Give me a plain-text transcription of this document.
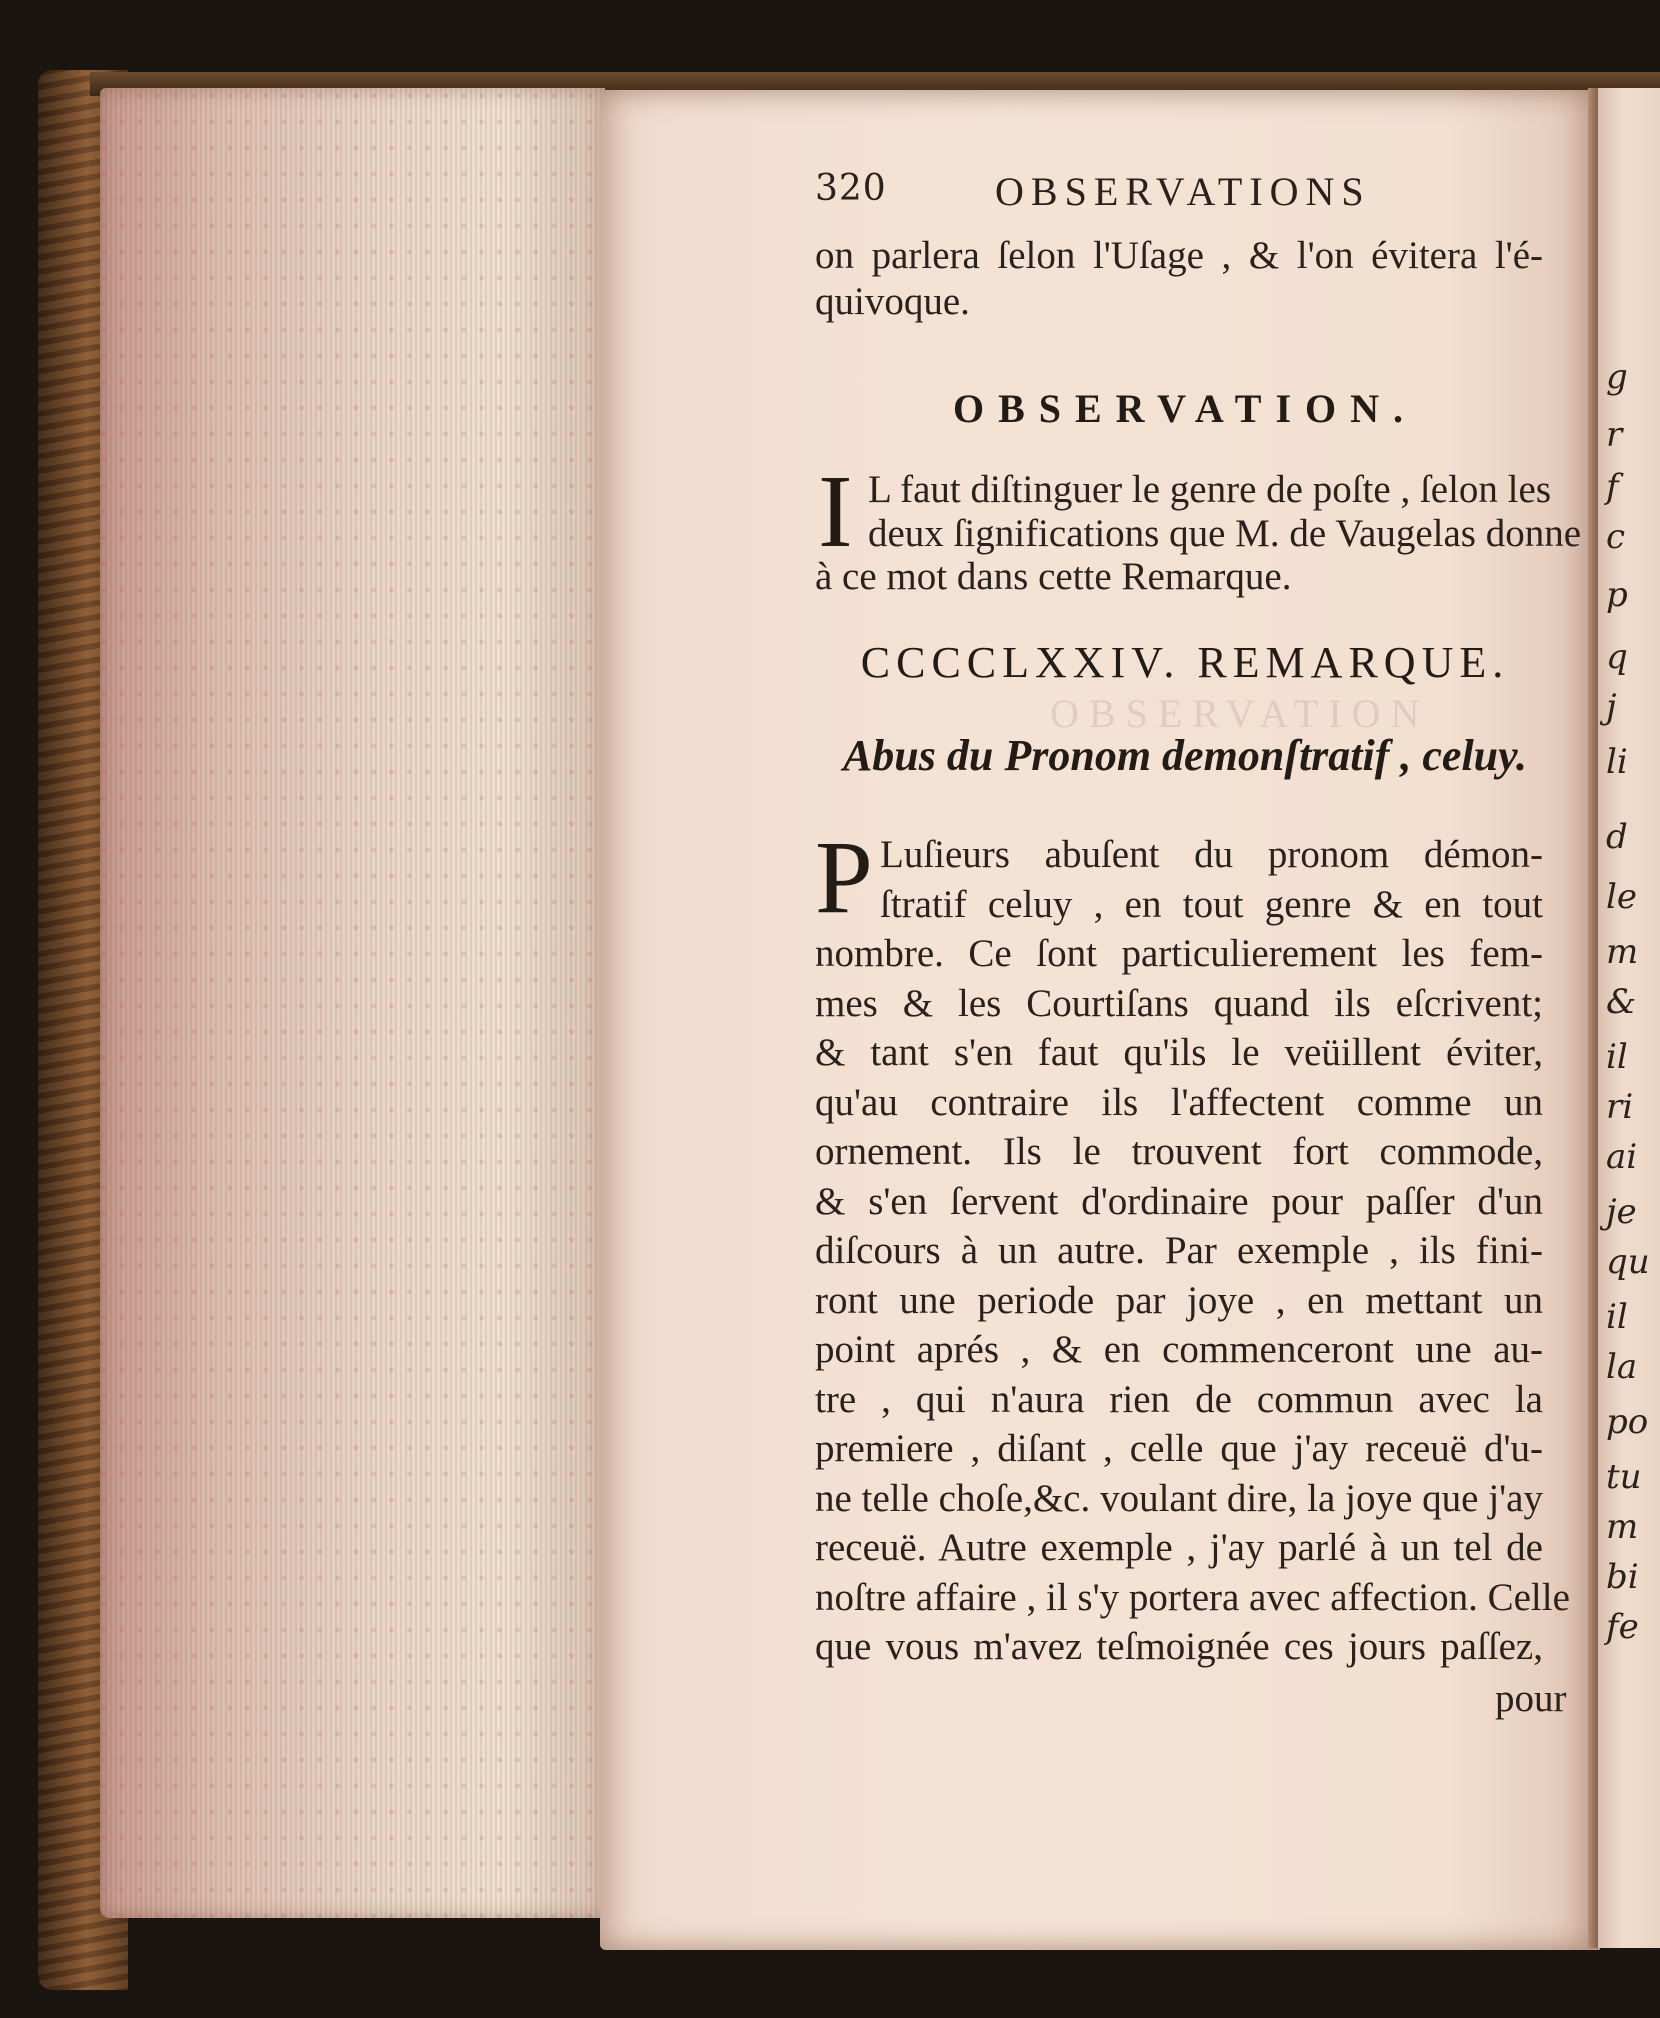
OBSERVATION
320	OBSERVATIONS
on parlera ſelon l'Uſage , & l'on évitera l'é-
quivoque.
OBSERVATION.
I L faut diſtinguer le genre de poſte , ſelon les
deux ſignifications que M. de Vaugelas donne
à ce mot dans cette Remarque.
CCCCLXXIV. REMARQUE.
Abus du Pronom demonſtratif , celuy.
P Luſieurs abuſent du pronom démon-
ſtratif celuy , en tout genre & en tout
nombre. Ce ſont particulierement les fem-
mes & les Courtiſans quand ils eſcrivent;
& tant s'en faut qu'ils le veüillent éviter,
qu'au contraire ils l'affectent comme un
ornement. Ils le trouvent fort commode,
& s'en ſervent d'ordinaire pour paſſer d'un
diſcours à un autre. Par exemple , ils fini-
ront une periode par joye , en mettant un
point aprés , & en commenceront une au-
tre , qui n'aura rien de commun avec la
premiere , diſant , celle que j'ay receuë d'u-
ne telle choſe,&c. voulant dire, la joye que j'ay
receuë. Autre exemple , j'ay parlé à un tel de
noſtre affaire , il s'y portera avec affection. Celle
que vous m'avez teſmoignée ces jours paſſez,
pour
g
r
f
c
p
q
j
li
d
le
m
&
il
ri
ai
je
qu
il
la
po
tu
m
bi
fe
